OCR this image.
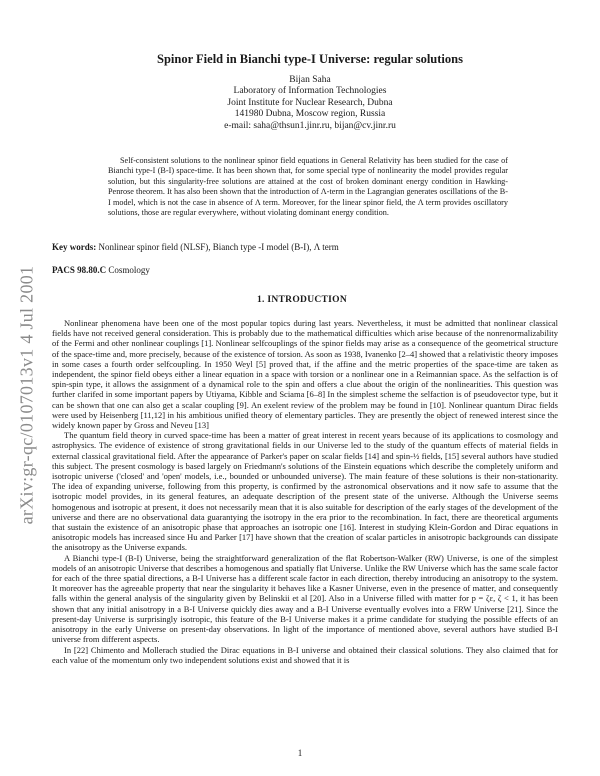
arXiv:gr-qc/0107013v1 4 Jul 2001
Spinor Field in Bianchi type-I Universe: regular solutions
Bijan Saha
Laboratory of Information Technologies
Joint Institute for Nuclear Research, Dubna
141980 Dubna, Moscow region, Russia
e-mail: saha@thsun1.jinr.ru, bijan@cv.jinr.ru

Self-consistent solutions to the nonlinear spinor field equations in General Relativity has been studied for the case of Bianchi type-I (B-I) space-time. It has been shown that, for some special type of nonlinearity the model provides regular solution, but this singularity-free solutions are attained at the cost of broken dominant energy condition in Hawking-Penrose theorem. It has also been shown that the introduction of Λ-term in the Lagrangian generates oscillations of the B-I model, which is not the case in absence of Λ term. Moreover, for the linear spinor field, the Λ term provides oscillatory solutions, those are regular everywhere, without violating dominant energy condition.

Key words: Nonlinear spinor field (NLSF), Bianch type -I model (B-I), Λ term

PACS 98.80.C Cosmology

1. INTRODUCTION

Nonlinear phenomena have been one of the most popular topics during last years. Nevertheless, it must be admitted that nonlinear classical fields have not received general consideration. This is probably due to the mathematical difficulties which arise because of the nonrenormalizability of the Fermi and other nonlinear couplings [1]. Nonlinear selfcouplings of the spinor fields may arise as a consequence of the geometrical structure of the space-time and, more precisely, because of the existence of torsion. As soon as 1938, Ivanenko [2–4] showed that a relativistic theory imposes in some cases a fourth order selfcoupling. In 1950 Weyl [5] proved that, if the affine and the metric properties of the space-time are taken as independent, the spinor field obeys either a linear equation in a space with torsion or a nonlinear one in a Reimannian space. As the selfaction is of spin-spin type, it allows the assignment of a dynamical role to the spin and offers a clue about the origin of the nonlinearities. This question was further clarifed in some important papers by Utiyama, Kibble and Sciama [6–8] In the simplest scheme the selfaction is of pseudovector type, but it can be shown that one can also get a scalar coupling [9]. An exelent review of the problem may be found in [10]. Nonlinear quantum Dirac fields were used by Heisenberg [11,12] in his ambitious unified theory of elementary particles. They are presently the object of renewed interest since the widely known paper by Gross and Neveu [13]

The quantum field theory in curved space-time has been a matter of great interest in recent years because of its applications to cosmology and astrophysics. The evidence of existence of strong gravitational fields in our Universe led to the study of the quantum effects of material fields in external classical gravitational field. After the appearance of Parker's paper on scalar fields [14] and spin-½ fields, [15] several authors have studied this subject. The present cosmology is based largely on Friedmann's solutions of the Einstein equations which describe the completely uniform and isotropic universe ('closed' and 'open' models, i.e., bounded or unbounded universe). The main feature of these solutions is their non-stationarity. The idea of expanding universe, following from this property, is confirmed by the astronomical observations and it now safe to assume that the isotropic model provides, in its general features, an adequate description of the present state of the universe. Although the Universe seems homogenous and isotropic at present, it does not necessarily mean that it is also suitable for description of the early stages of the development of the universe and there are no observational data guarantying the isotropy in the era prior to the recombination. In fact, there are theoretical arguments that sustain the existence of an anisotropic phase that approaches an isotropic one [16]. Interest in studying Klein-Gordon and Dirac equations in anisotropic models has increased since Hu and Parker [17] have shown that the creation of scalar particles in anisotropic backgrounds can dissipate the anisotropy as the Universe expands.

A Bianchi type-I (B-I) Universe, being the straightforward generalization of the flat Robertson-Walker (RW) Universe, is one of the simplest models of an anisotropic Universe that describes a homogenous and spatially flat Universe. Unlike the RW Universe which has the same scale factor for each of the three spatial directions, a B-I Universe has a different scale factor in each direction, thereby introducing an anisotropy to the system. It moreover has the agreeable property that near the singularity it behaves like a Kasner Universe, even in the presence of matter, and consequently falls within the general analysis of the singularity given by Belinskii et al [20]. Also in a Universe filled with matter for p = ζε, ζ < 1, it has been shown that any initial anisotropy in a B-I Universe quickly dies away and a B-I Universe eventually evolves into a FRW Universe [21]. Since the present-day Universe is surprisingly isotropic, this feature of the B-I Universe makes it a prime candidate for studying the possible effects of an anisotropy in the early Universe on present-day observations. In light of the importance of mentioned above, several authors have studied B-I universe from different aspects.

In [22] Chimento and Mollerach studied the Dirac equations in B-I universe and obtained their classical solutions. They also claimed that for each value of the momentum only two independent solutions exist and showed that it is

1
